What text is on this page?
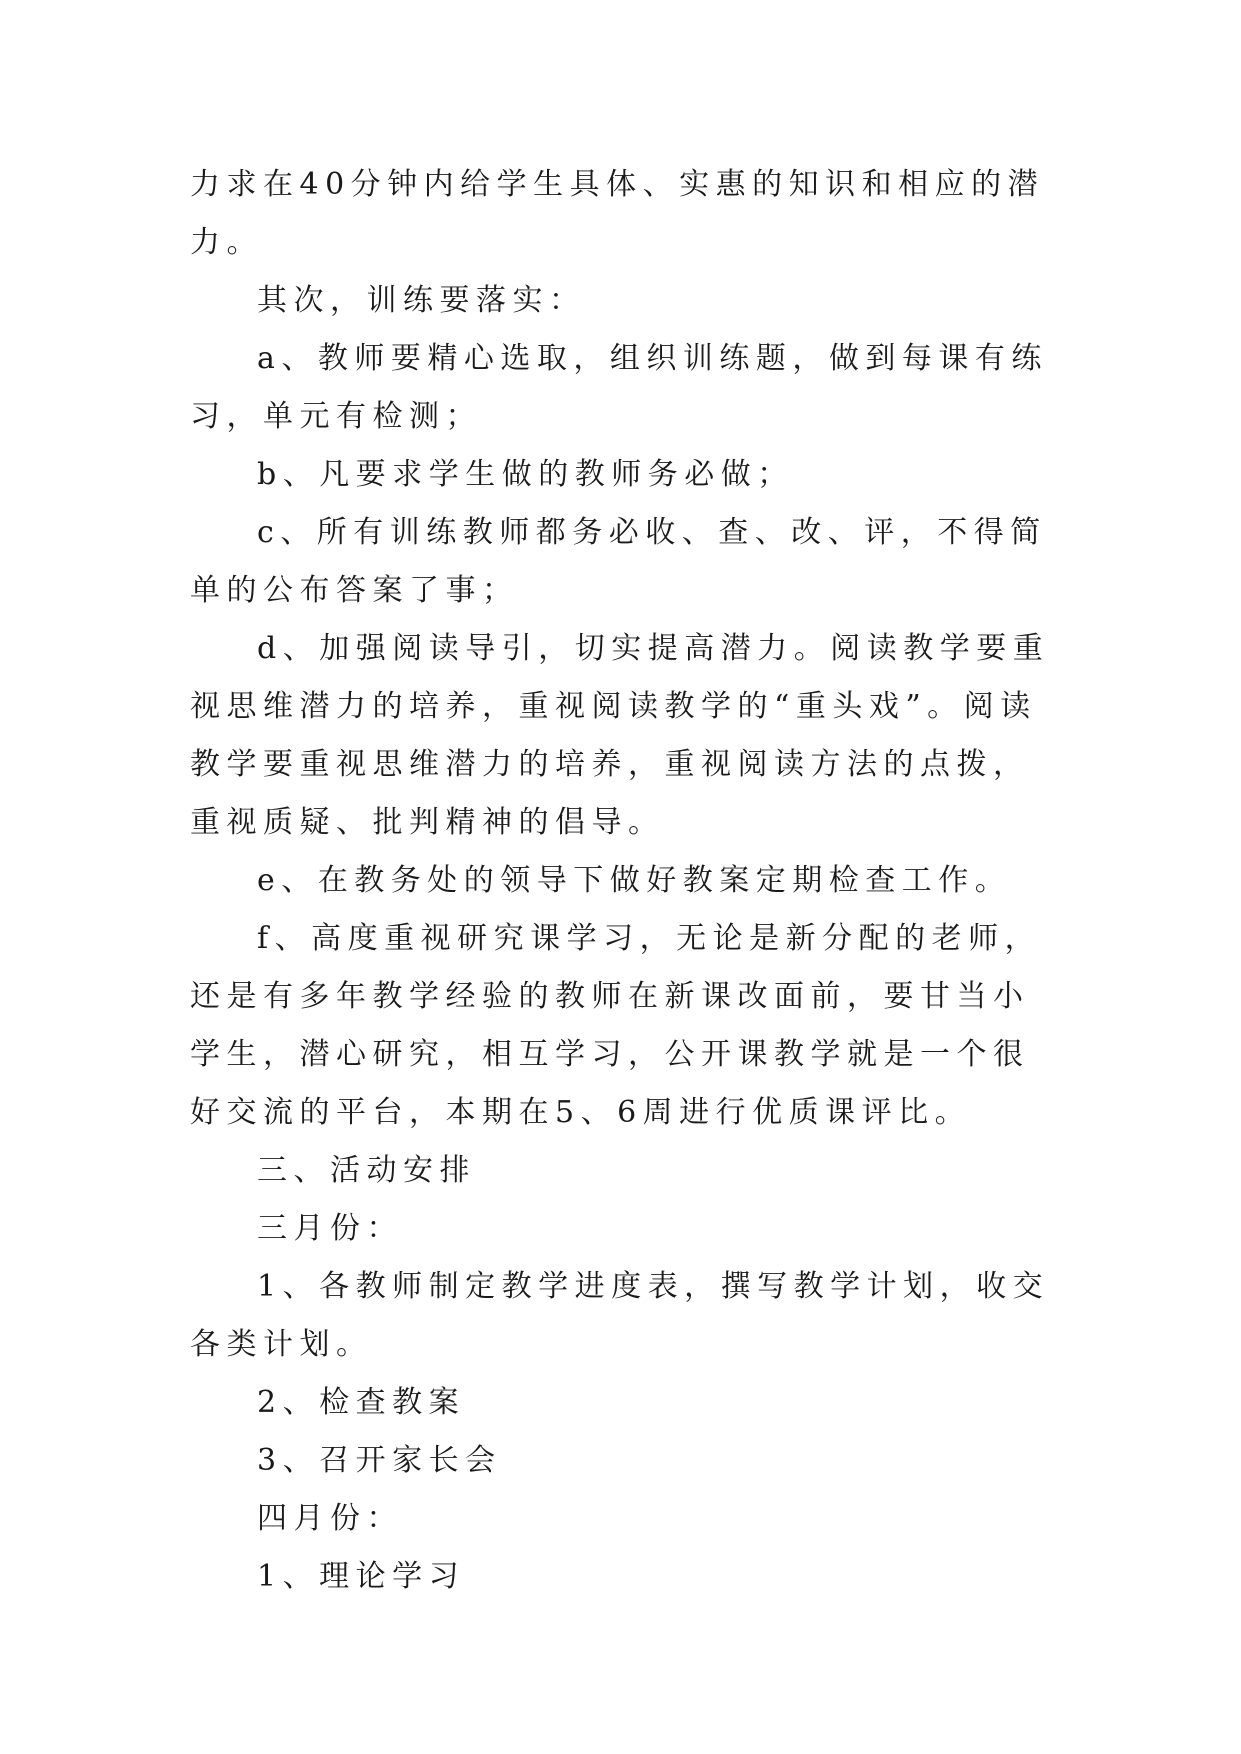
力求在40分钟内给学生具体、实惠的知识和相应的潜力。

其次，训练要落实：

a、教师要精心选取，组织训练题，做到每课有练习，单元有检测；

b、凡要求学生做的教师务必做；

c、所有训练教师都务必收、查、改、评，不得简单的公布答案了事；

d、加强阅读导引，切实提高潜力。阅读教学要重视思维潜力的培养，重视阅读教学的“重头戏”。阅读教学要重视思维潜力的培养，重视阅读方法的点拨，重视质疑、批判精神的倡导。

e、在教务处的领导下做好教案定期检查工作。

f、高度重视研究课学习，无论是新分配的老师，还是有多年教学经验的教师在新课改面前，要甘当小学生，潜心研究，相互学习，公开课教学就是一个很好交流的平台，本期在5、6周进行优质课评比。

三、活动安排

三月份：

1、各教师制定教学进度表，撰写教学计划，收交各类计划。

2、检查教案

3、召开家长会

四月份：

1、理论学习
